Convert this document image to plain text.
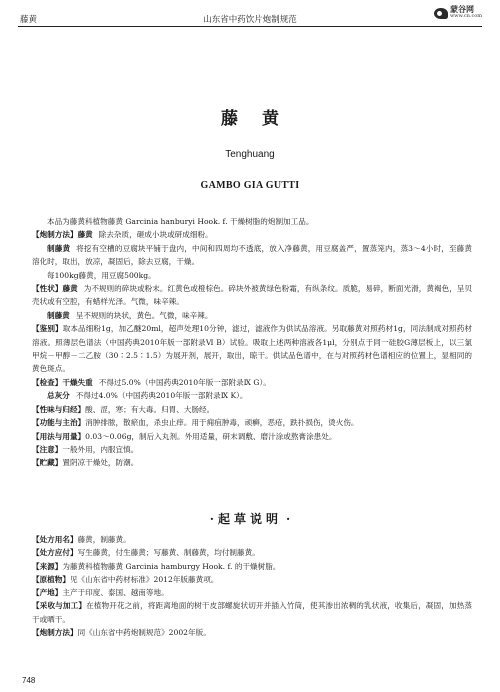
藤黄	山东省中药饮片炮制规范
蒙谷网
www.cn.com
藤黄
Tenghuang
GAMBO GIA GUTTI

本品为藤黄科植物藤黄 Garcinia hanburyi Hook. f. 干燥树脂的炮制加工品。

【炮制方法】藤黄 除去杂质，砸成小块或研成细粉。

制藤黄 将挖有空槽的豆腐块平铺于盘内，中间和四周均不透底，放入净藤黄，用豆腐盖严，置蒸笼内，蒸3～4小时，至藤黄溶化时，取出，放凉，凝固后，除去豆腐，干燥。

每100kg藤黄，用豆腐500kg。

【性状】藤黄 为不规则的碎块或粉末。红黄色或橙棕色。碎块外被黄绿色粉霜，有纵条纹。质脆，易碎，断面光滑，黄褐色，呈贝壳状或有空腔，有蜡样光泽。气微，味辛辣。

制藤黄 呈不规则的块状，黄色。气微，味辛辣。

【鉴别】取本品细粉1g，加乙醚20ml，超声处理10分钟，滤过，滤液作为供试品溶液。另取藤黄对照药材1g，同法制成对照药材溶液。照薄层色谱法（中国药典2010年版一部附录Ⅵ B）试验。吸取上述两种溶液各1μl，分别点于同一硅胶G薄层板上，以三氯甲烷－甲醇－二乙胺（30∶2.5∶1.5）为展开剂，展开，取出，晾干。供试品色谱中，在与对照药材色谱相应的位置上，显相同的黄色斑点。

【检查】干燥失重 不得过5.0%（中国药典2010年版一部附录Ⅸ G）。

总灰分 不得过4.0%（中国药典2010年版一部附录Ⅸ K）。

【性味与归经】酸、涩，寒；有大毒。归胃、大肠经。

【功能与主治】消肿排脓，散瘀血，杀虫止痒。用于痈疽肿毒，顽癣，恶疮，跌扑损伤，烫火伤。

【用法与用量】0.03～0.06g，制后入丸剂。外用适量，研末调敷、磨汁涂或熬膏涂患处。

【注意】一般外用，内服宜慎。

【贮藏】置阴凉干燥处，防潮。

· 起草说明 ·

【处方用名】藤黄，制藤黄。

【处方应付】写生藤黄，付生藤黄；写藤黄、制藤黄，均付制藤黄。

【来源】为藤黄科植物藤黄 Garcinia hamburgy Hook. f. 的干燥树脂。

【原植物】见《山东省中药材标准》2012年版藤黄项。

【产地】主产于印度、泰国、越南等地。

【采收与加工】在植物开花之前，将距离地面的树干皮部螺旋状切开并插入竹筒，使其渗出浓稠的乳状液，收集后，凝固，加热蒸干或晒干。

【炮制方法】同《山东省中药炮制规范》2002年版。

748
